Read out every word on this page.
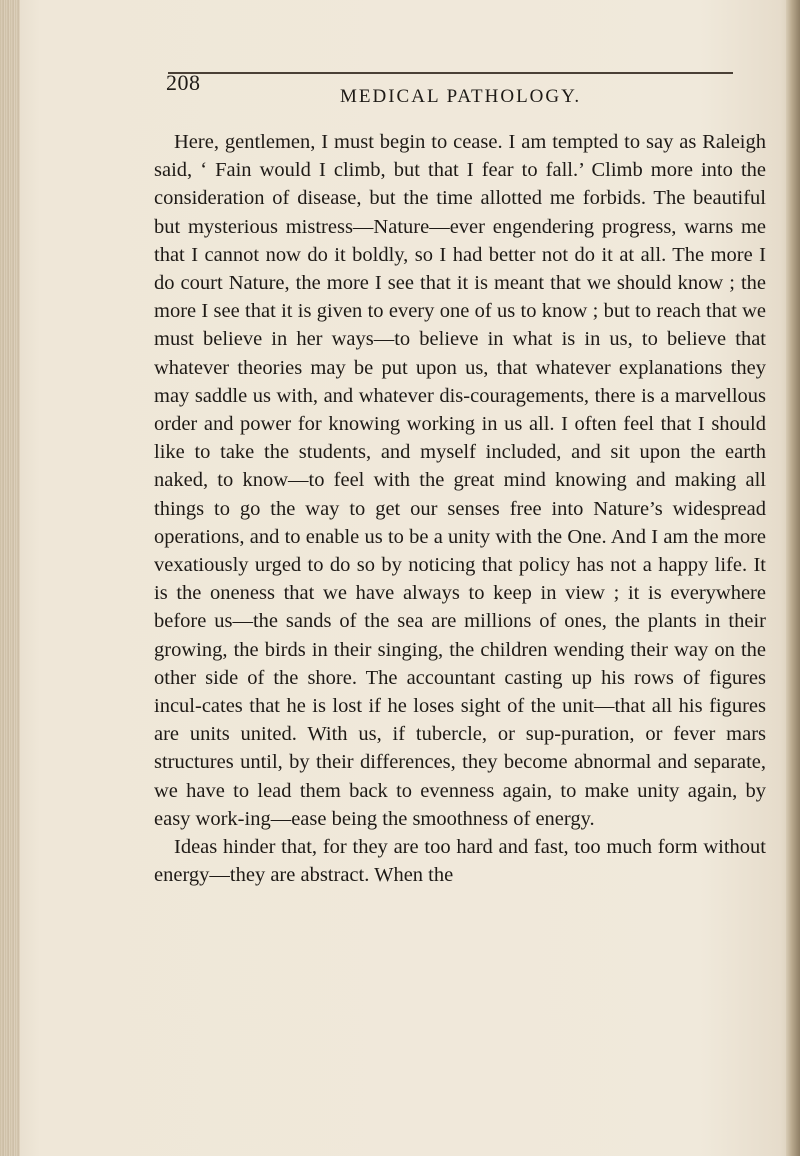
208
MEDICAL PATHOLOGY.

Here, gentlemen, I must begin to cease. I am tempted to say as Raleigh said, ‘ Fain would I climb, but that I fear to fall.’ Climb more into the consideration of disease, but the time allotted me forbids. The beautiful but mysterious mistress—Nature—ever engendering progress, warns me that I cannot now do it boldly, so I had better not do it at all. The more I do court Nature, the more I see that it is meant that we should know ; the more I see that it is given to every one of us to know ; but to reach that we must believe in her ways—to believe in what is in us, to believe that whatever theories may be put upon us, that whatever explanations they may saddle us with, and whatever dis-couragements, there is a marvellous order and power for knowing working in us all. I often feel that I should like to take the students, and myself included, and sit upon the earth naked, to know—to feel with the great mind knowing and making all things to go the way to get our senses free into Nature’s widespread operations, and to enable us to be a unity with the One. And I am the more vexatiously urged to do so by noticing that policy has not a happy life. It is the oneness that we have always to keep in view ; it is everywhere before us—the sands of the sea are millions of ones, the plants in their growing, the birds in their singing, the children wending their way on the other side of the shore. The accountant casting up his rows of figures incul-cates that he is lost if he loses sight of the unit—that all his figures are units united. With us, if tubercle, or sup-puration, or fever mars structures until, by their differences, they become abnormal and separate, we have to lead them back to evenness again, to make unity again, by easy work-ing—ease being the smoothness of energy.

Ideas hinder that, for they are too hard and fast, too much form without energy—they are abstract. When the
